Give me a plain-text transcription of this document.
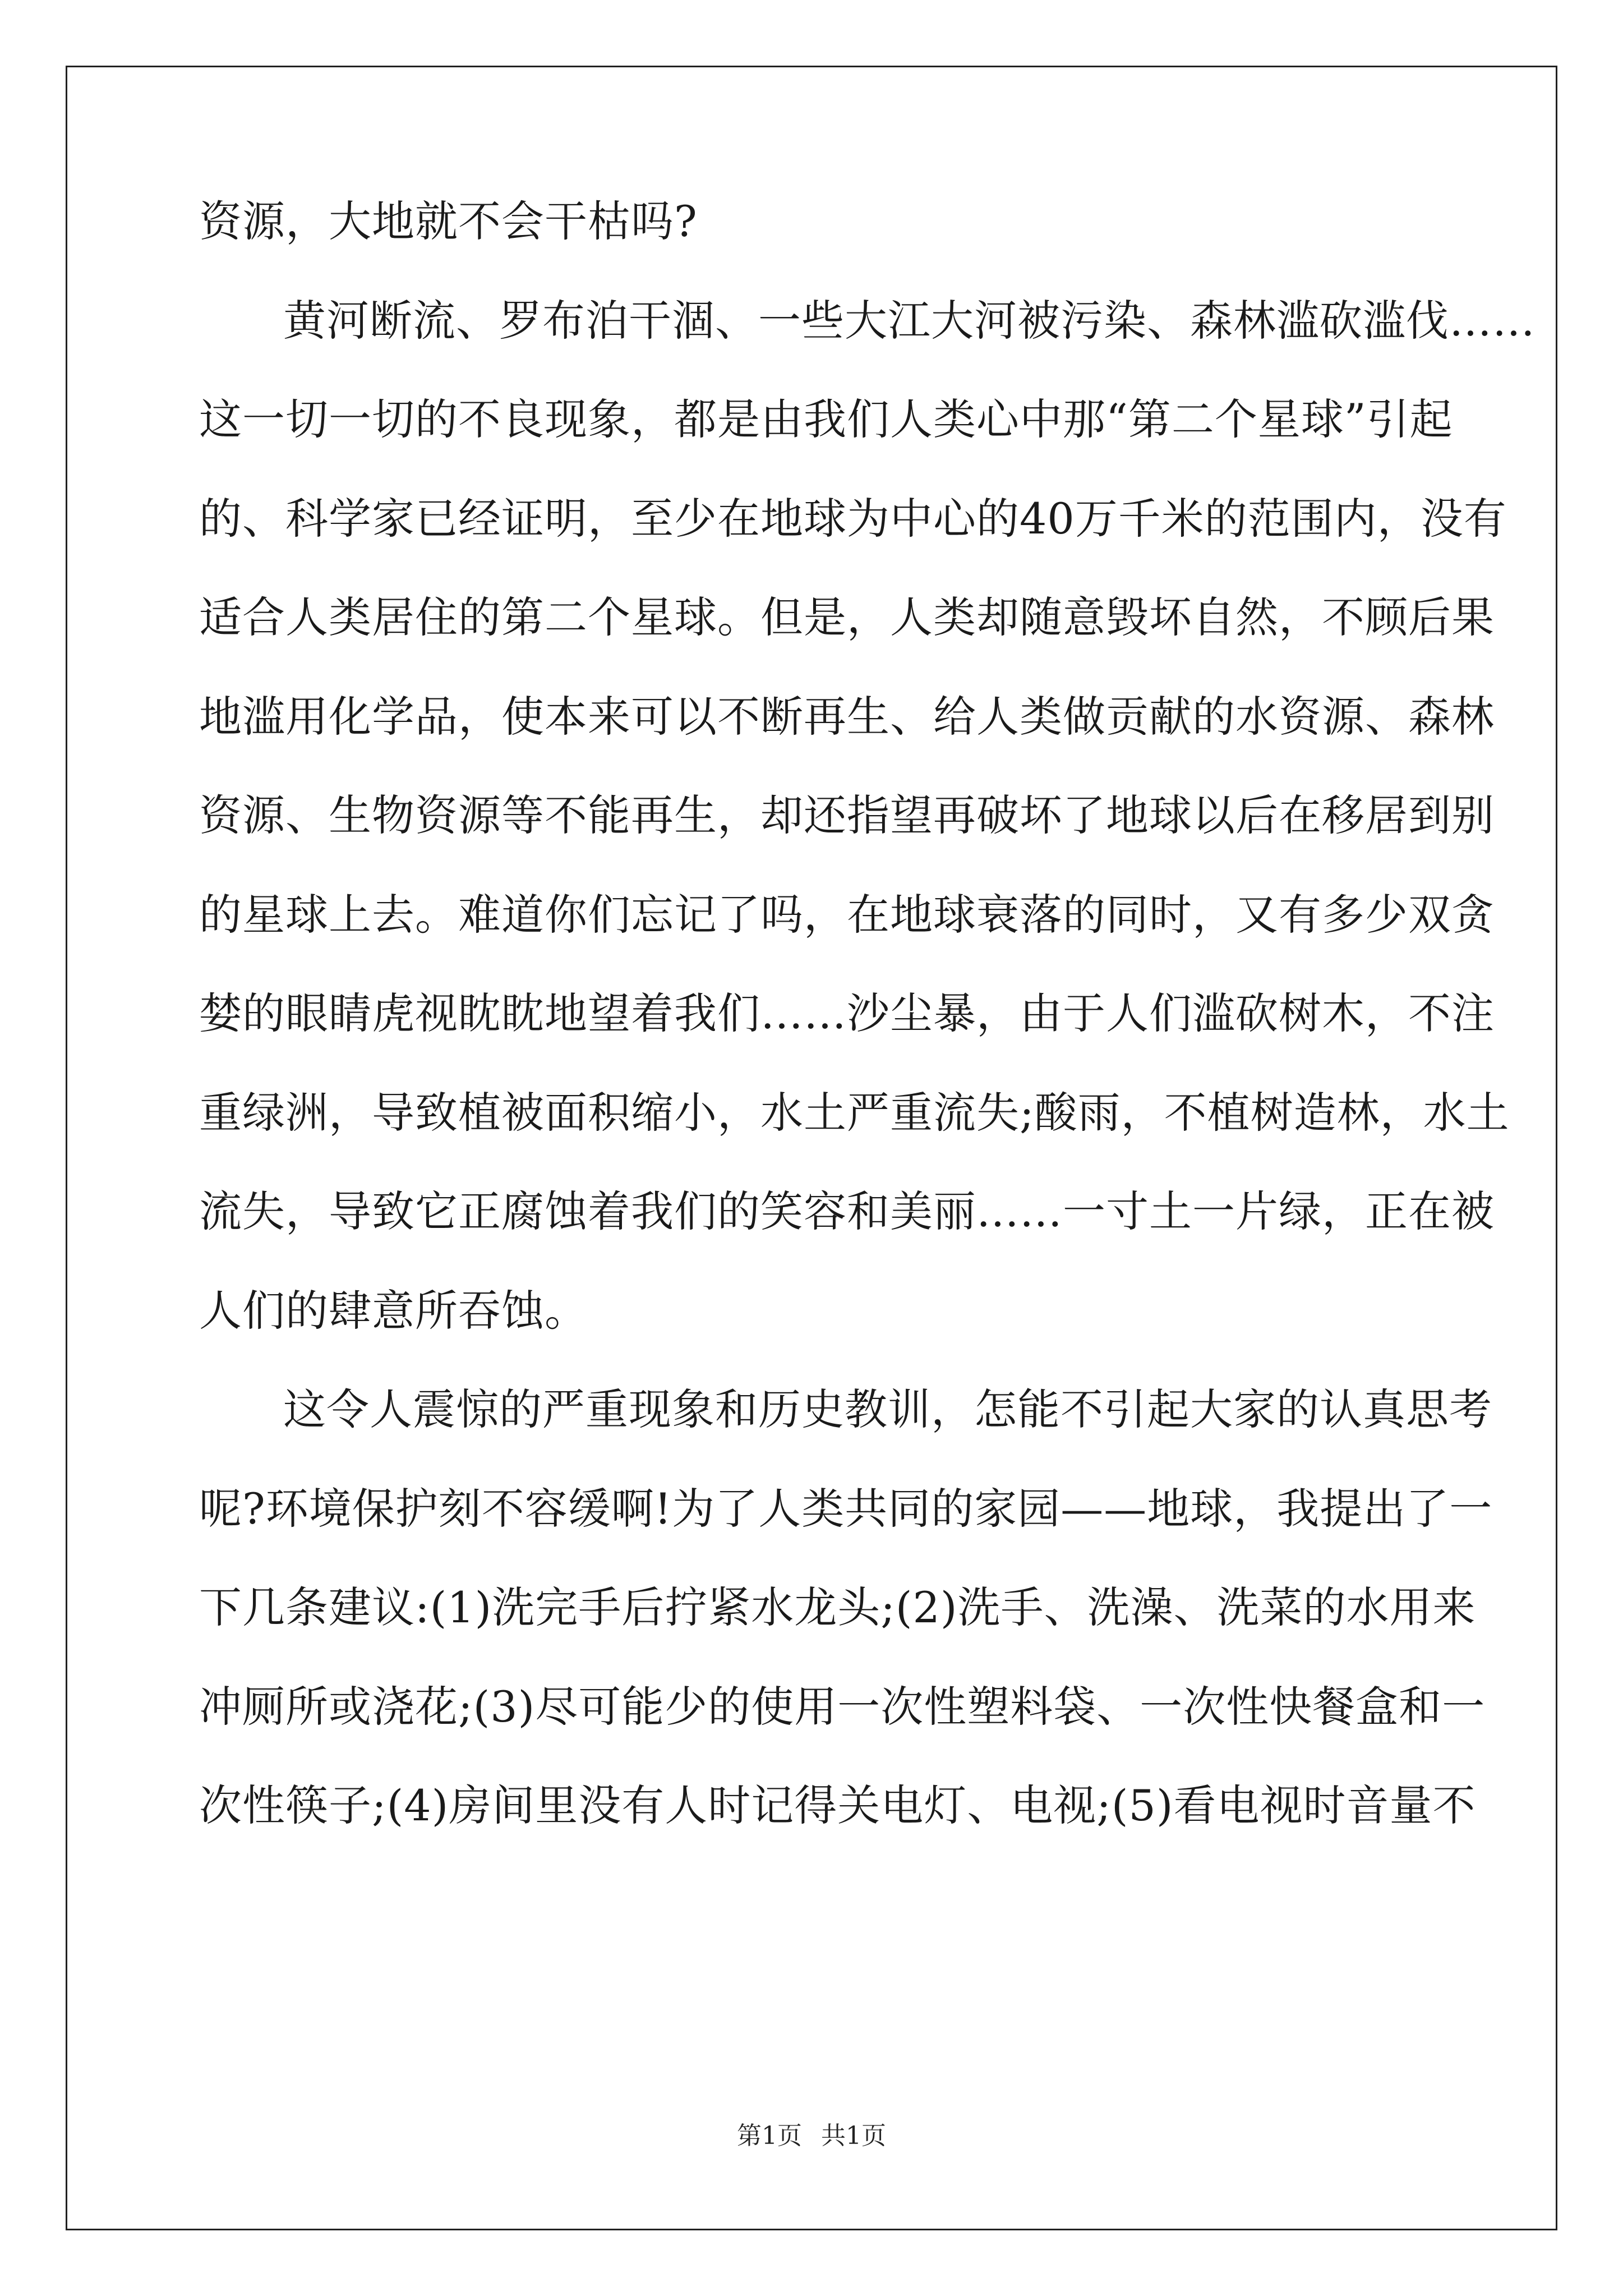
资源，大地就不会干枯吗?
黄河断流、罗布泊干涸、一些大江大河被污染、森林滥砍滥伐……
这一切一切的不良现象，都是由我们人类心中那“第二个星球”引起
的、科学家已经证明，至少在地球为中心的40万千米的范围内，没有
适合人类居住的第二个星球。但是，人类却随意毁坏自然，不顾后果
地滥用化学品，使本来可以不断再生、给人类做贡献的水资源、森林
资源、生物资源等不能再生，却还指望再破坏了地球以后在移居到别
的星球上去。难道你们忘记了吗，在地球衰落的同时，又有多少双贪
婪的眼睛虎视眈眈地望着我们……沙尘暴，由于人们滥砍树木，不注
重绿洲，导致植被面积缩小，水土严重流失;酸雨，不植树造林，水土
流失，导致它正腐蚀着我们的笑容和美丽……一寸土一片绿，正在被
人们的肆意所吞蚀。
这令人震惊的严重现象和历史教训，怎能不引起大家的认真思考
呢?环境保护刻不容缓啊!为了人类共同的家园——地球，我提出了一
下几条建议:(1)洗完手后拧紧水龙头;(2)洗手、洗澡、洗菜的水用来
冲厕所或浇花;(3)尽可能少的使用一次性塑料袋、一次性快餐盒和一
次性筷子;(4)房间里没有人时记得关电灯、电视;(5)看电视时音量不
第1页 共1页
